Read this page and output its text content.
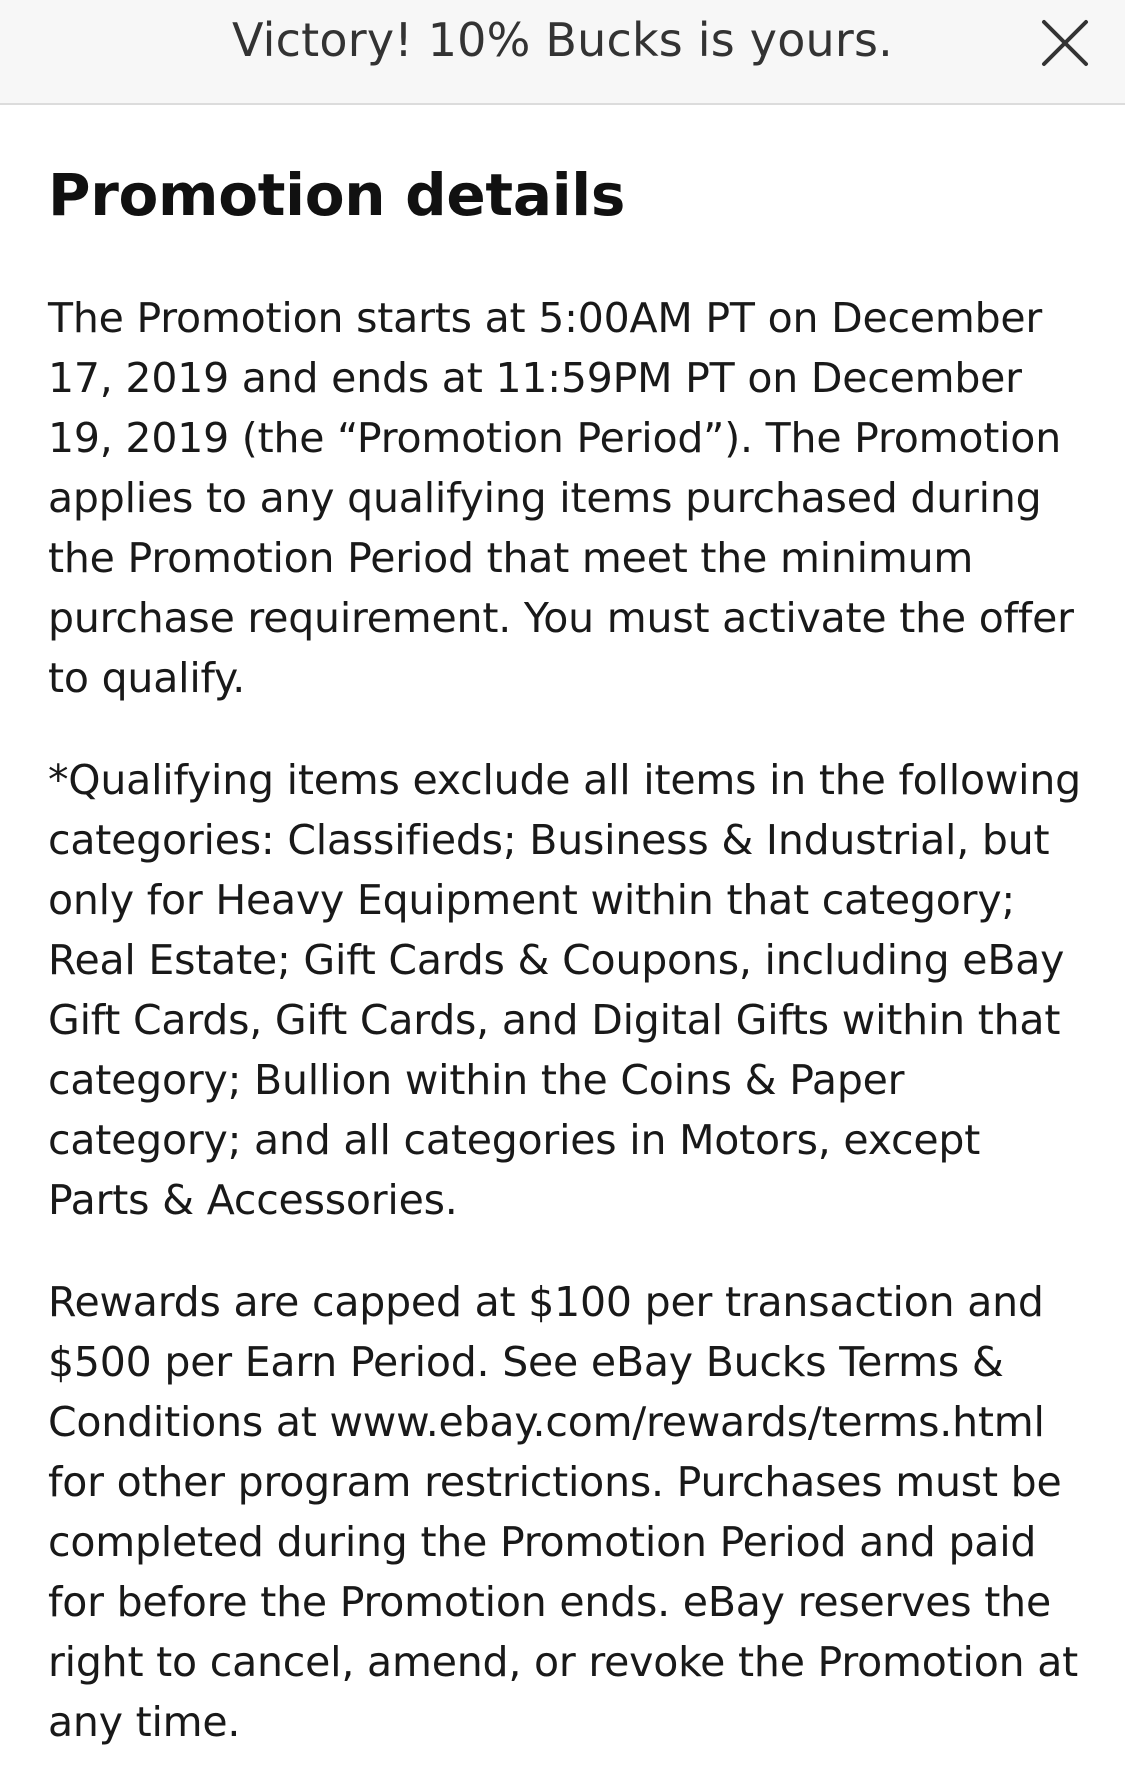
Victory! 10% Bucks is yours.
Promotion details

The Promotion starts at 5:00AM PT on December 17, 2019 and ends at 11:59PM PT on December 19, 2019 (the “Promotion Period”). The Promotion applies to any qualifying items purchased during the Promotion Period that meet the minimum purchase requirement. You must activate the offer to qualify.

*Qualifying items exclude all items in the following categories: Classifieds; Business & Industrial, but only for Heavy Equipment within that category; Real Estate; Gift Cards & Coupons, including eBay Gift Cards, Gift Cards, and Digital Gifts within that category; Bullion within the Coins & Paper category; and all categories in Motors, except Parts & Accessories.

Rewards are capped at $100 per transaction and $500 per Earn Period. See eBay Bucks Terms & Conditions at www.ebay.com/rewards/terms.html for other program restrictions. Purchases must be completed during the Promotion Period and paid for before the Promotion ends. eBay reserves the right to cancel, amend, or revoke the Promotion at any time.
